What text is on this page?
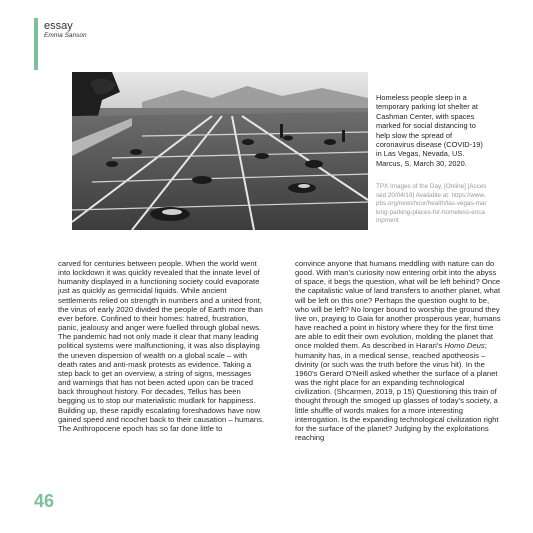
essay
Emma Sanson
Homeless people sleep in a temporary parking lot shelter at Cashman Center, with spaces marked for social distancing to help slow the spread of coronavirus disease (COVID-19) in Las Vegas, Nevada, US. Marcus, S. March 30, 2020.
TPX Images of the Day, [Online] [Accessed 20/04/19] Available at: https://www.pbs.org/newshour/health/las-vegas-marking-parking-places-for-homeless-encampment

carved for centuries between people. When the world went into lockdown it was quickly revealed that the innate level of humanity displayed in a functioning society could evaporate just as quickly as germicidal liquids. While ancient settlements relied on strength in numbers and a united front, the virus of early 2020 divided the people of Earth more than ever before. Confined to their homes: hatred, frustration, panic, jealousy and anger were fuelled through global news. The pandemic had not only made it clear that many leading political systems were malfunctioning, it was also displaying the uneven dispersion of wealth on a global scale – with death rates and anti-mask protests as evidence. Taking a step back to get an overview, a string of signs, messages and warnings that has not been acted upon can be traced back throughout history. For decades, Tellus has been begging us to stop our materialistic mudlark for happiness. Building up, these rapidly escalating foreshadows have now gained speed and ricochet back to their causation – humans.

The Anthropocene epoch has so far done little to

convince anyone that humans meddling with nature can do good. With man’s curiosity now entering orbit into the abyss of space, it begs the question, what will be left behind? Once the capitalistic value of land transfers to another planet, what will be left on this one? Perhaps the question ought to be, who will be left? No longer bound to worship the ground they live on, praying to Gaia for another prosperous year, humans have reached a point in history where they for the first time are able to edit their own evolution, molding the planet that once molded them. As described in Harari’s Homo Deus; humanity has, in a medical sense, reached apotheosis – divinity (or such was the truth before the virus hit). In the 1960’s Gerard O’Neill asked whether the surface of a planet was the right place for an expanding technological civilization. (Shcarmen, 2019, p 15) Questioning this train of thought through the smoged up glasses of today’s society, a little shuffle of words makes for a more interesting interrogation. Is the expanding technological civilization right for the surface of the planet? Judging by the exploitations reaching

46
